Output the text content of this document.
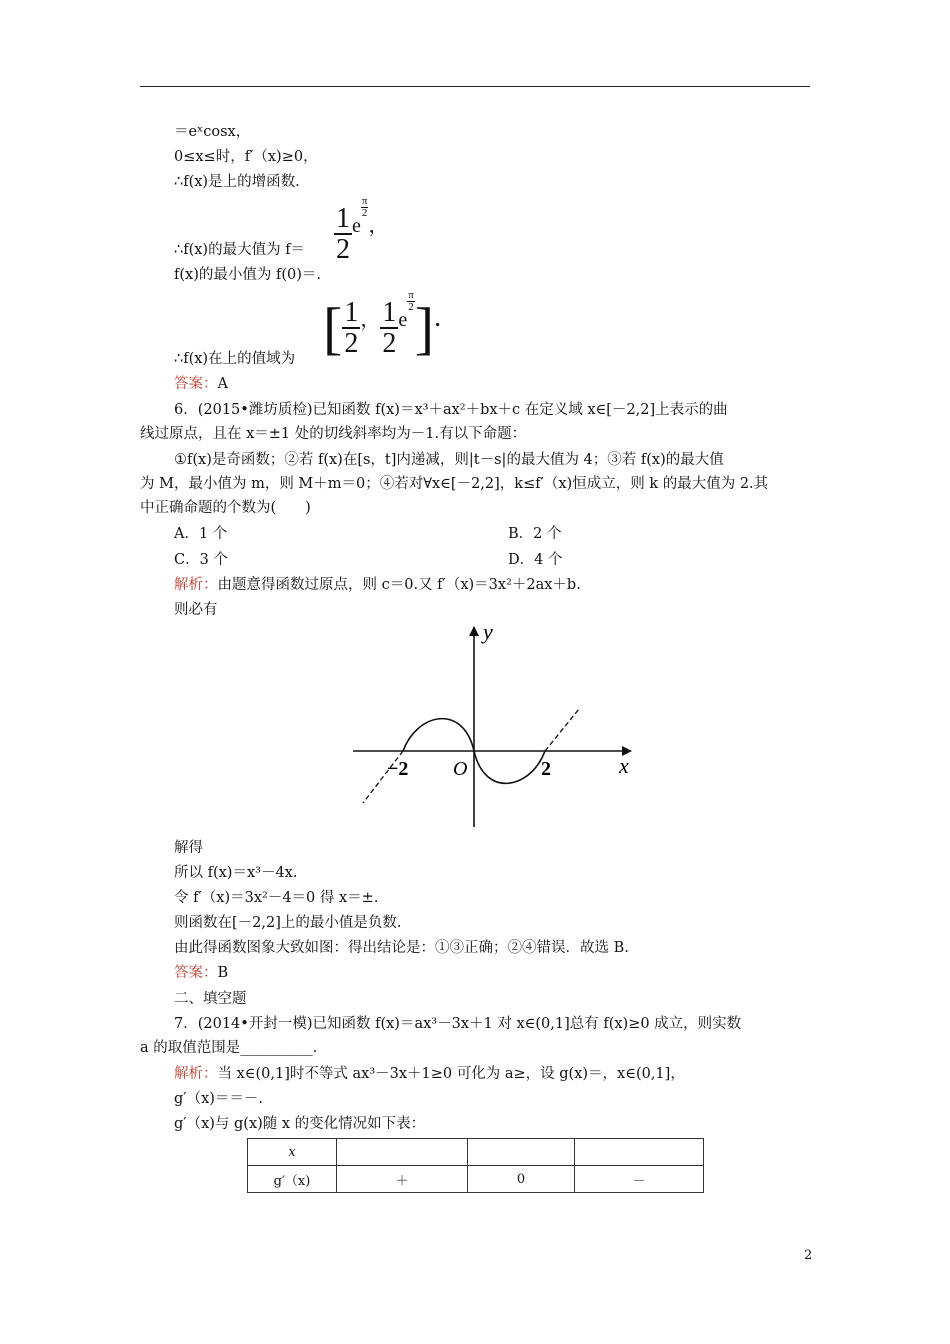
＝eˣcosx，
0≤x≤时，f′（x)≥0，
∴f(x)是上的增函数.
$\frac{1}{2}$ e
$\frac{\pi}{2}$
，
∴f(x)的最大值为 f＝
f(x)的最小值为 f(0)＝.
[ $\frac{1}{2}$ ， $\frac{1}{2}$ e
$\frac{\pi}{2}$ ].
∴f(x)在上的值域为
答案：A
6．(2015•潍坊质检)已知函数 f(x)＝x³＋ax²＋bx＋c 在定义域 x∈[－2,2]上表示的曲
线过原点，且在 x＝±1 处的切线斜率均为－1.有以下命题：
①f(x)是奇函数；②若 f(x)在[s，t]内递减，则|t－s|的最大值为 4；③若 f(x)的最大值
为 M，最小值为 m，则 M＋m＝0；④若对∀x∈[－2,2]，k≤f′（x)恒成立，则 k 的最大值为 2.其
中正确命题的个数为(　　)
A．1 个	B．2 个
C．3 个	D．4 个
解析：由题意得函数过原点，则 c＝0.又 f′（x)＝3x²＋2ax＋b.
则必有
y
x
O
−2	2
解得
所以 f(x)＝x³－4x.
令 f′（x)＝3x²－4＝0 得 x＝±.
则函数在[－2,2]上的最小值是负数.
由此得函数图象大致如图：得出结论是：①③正确；②④错误．故选 B.
答案：B
二、填空题
7．(2014•开封一模)已知函数 f(x)＝ax³－3x＋1 对 x∈(0,1]总有 f(x)≥0 成立，则实数
a 的取值范围是__________.
解析：当 x∈(0,1]时不等式 ax³－3x＋1≥0 可化为 a≥，设 g(x)＝，x∈(0,1]，
g′（x)＝＝－.
g′（x)与 g(x)随 x 的变化情况如下表：
x			
g′（x)	＋	0	－
2
